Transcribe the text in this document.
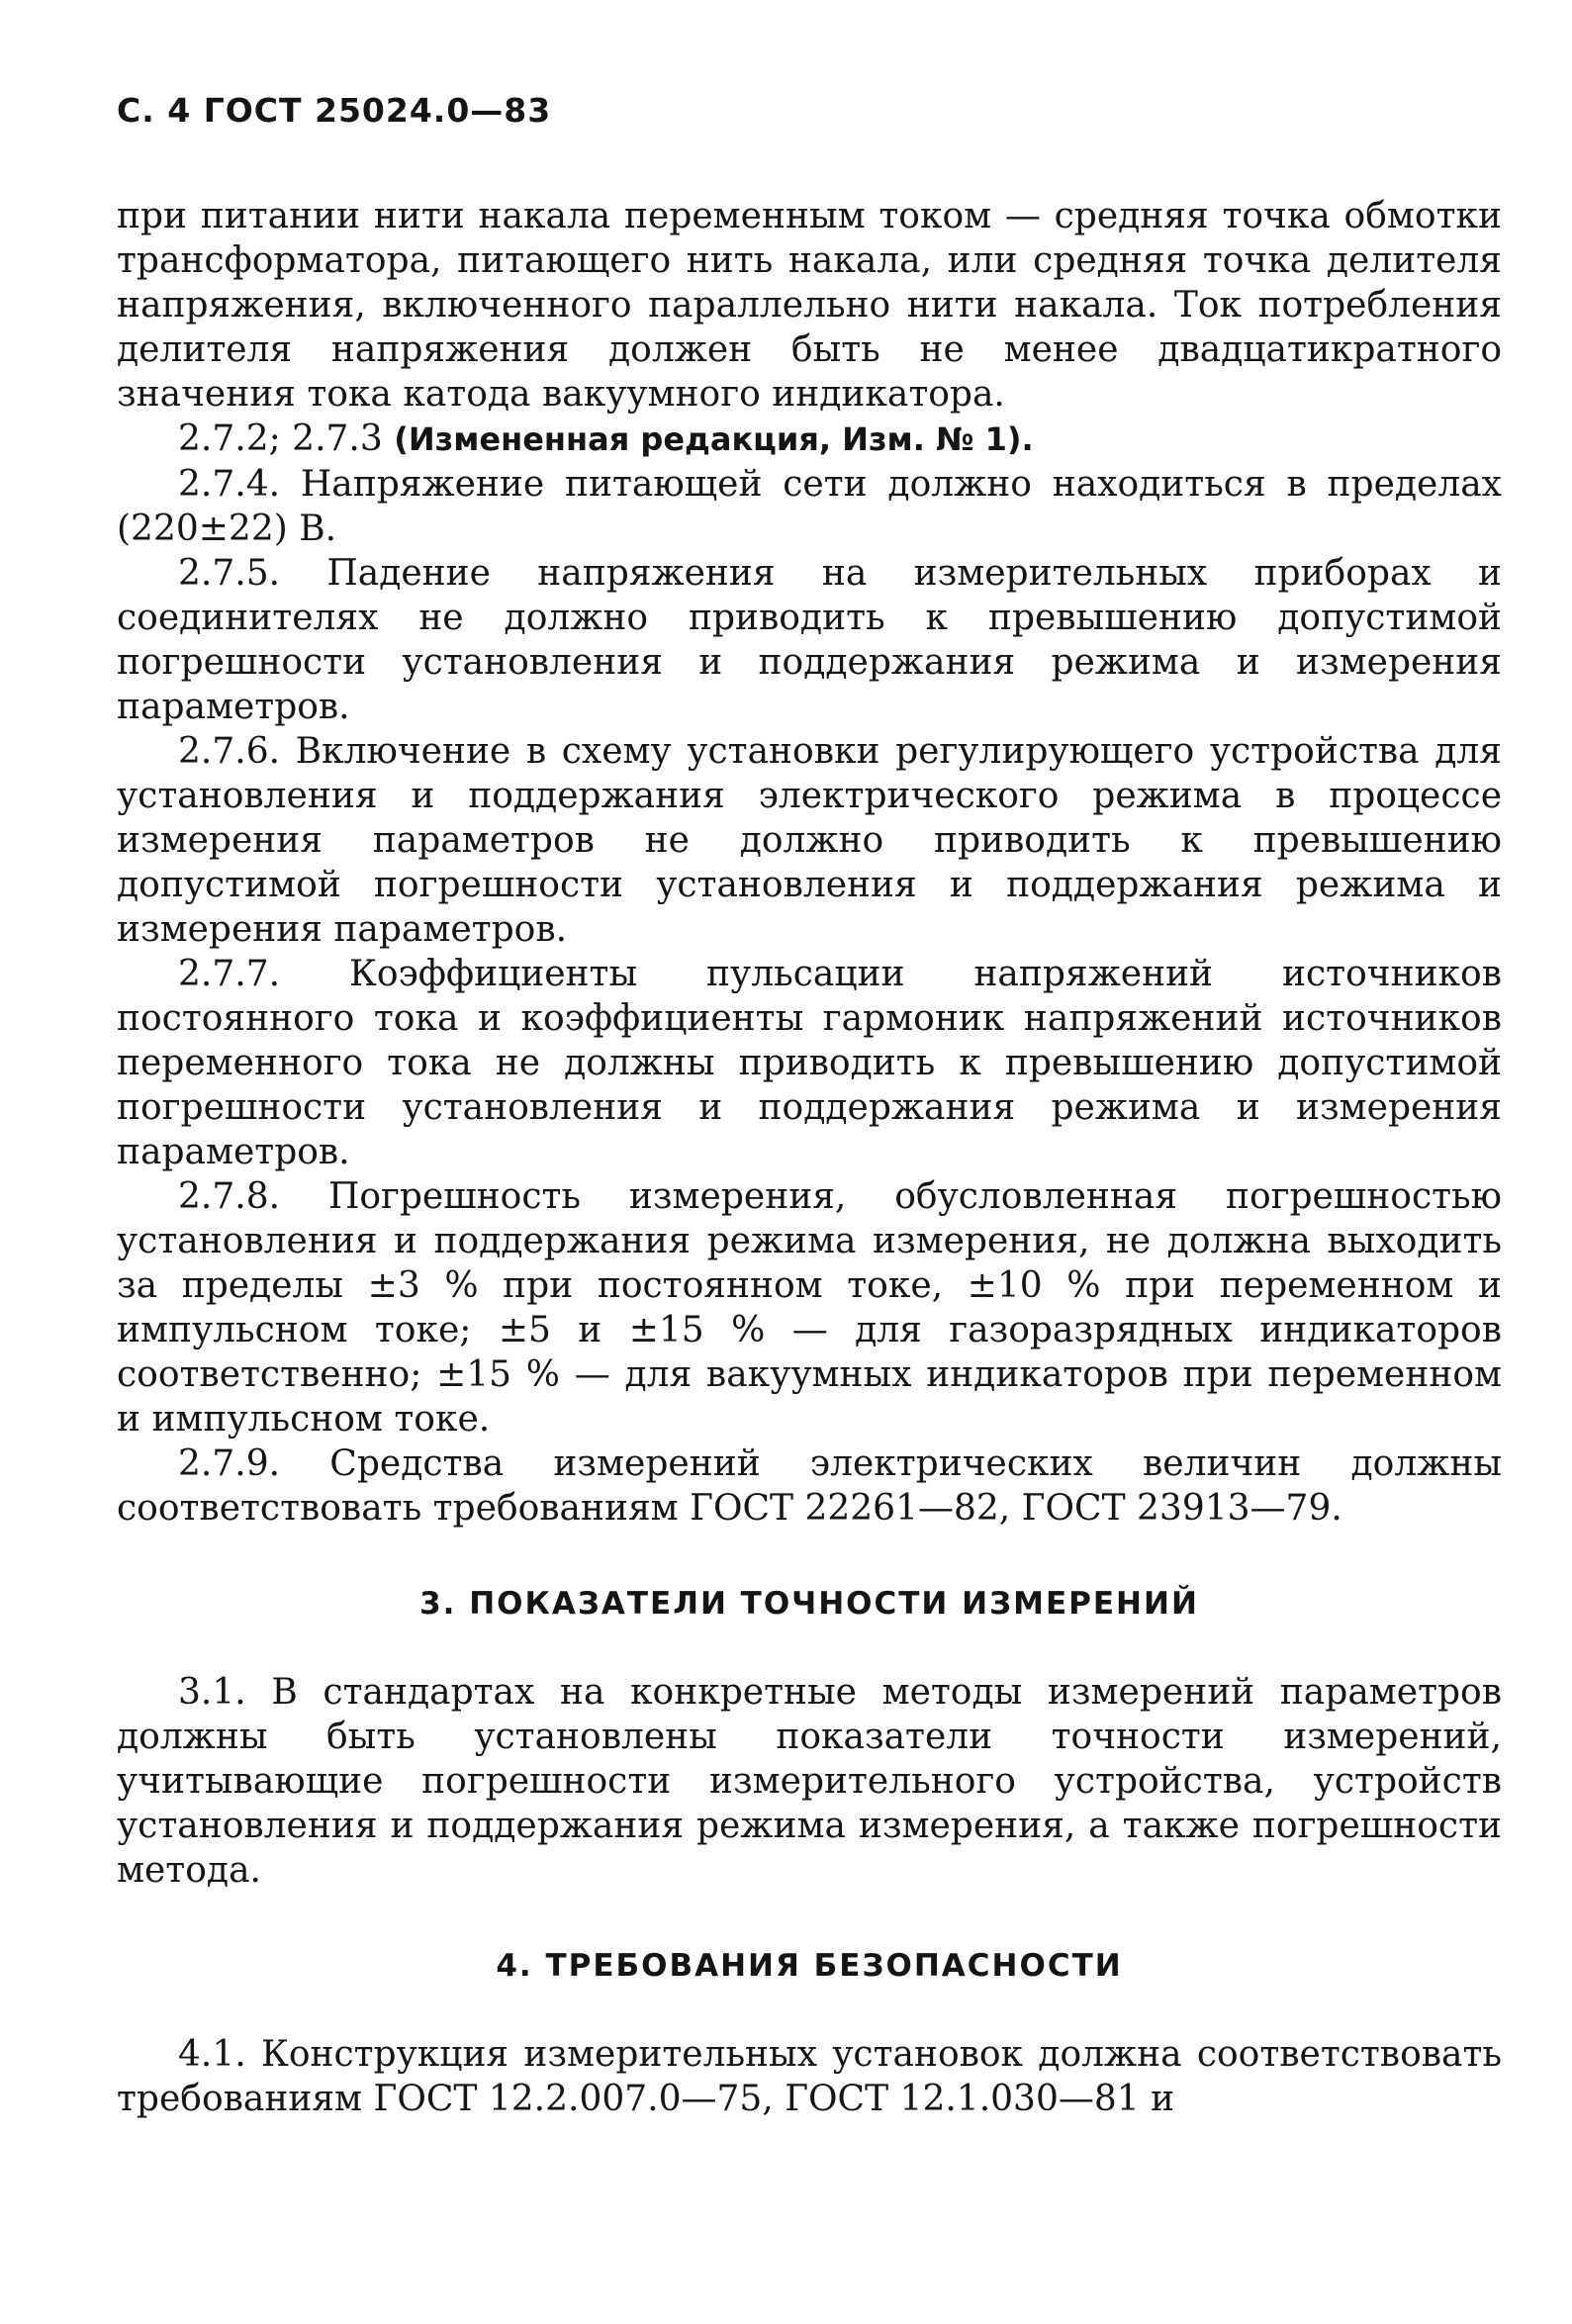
С. 4 ГОСТ 25024.0—83

при питании нити накала переменным током — средняя точка обмотки трансформатора, питающего нить накала, или средняя точка делителя напряжения, включенного параллельно нити накала. Ток потребления делителя напряжения должен быть не менее двадцатикратного значения тока катода вакуумного индикатора.

2.7.2; 2.7.3 (Измененная редакция, Изм. № 1).

2.7.4. Напряжение питающей сети должно находиться в пределах (220±22) В.

2.7.5. Падение напряжения на измерительных приборах и соединителях не должно приводить к превышению допустимой погрешности установления и поддержания режима и измерения параметров.

2.7.6. Включение в схему установки регулирующего устройства для установления и поддержания электрического режима в процессе измерения параметров не должно приводить к превышению допустимой погрешности установления и поддержания режима и измерения параметров.

2.7.7. Коэффициенты пульсации напряжений источников постоянного тока и коэффициенты гармоник напряжений источников переменного тока не должны приводить к превышению допустимой погрешности установления и поддержания режима и измерения параметров.

2.7.8. Погрешность измерения, обусловленная погрешностью установления и поддержания режима измерения, не должна выходить за пределы ±3 % при постоянном токе, ±10 % при переменном и импульсном токе; ±5 и ±15 % — для газоразрядных индикаторов соответственно; ±15 % — для вакуумных индикаторов при переменном и импульсном токе.

2.7.9. Средства измерений электрических величин должны соответствовать требованиям ГОСТ 22261—82, ГОСТ 23913—79.

3. ПОКАЗАТЕЛИ ТОЧНОСТИ ИЗМЕРЕНИЙ

3.1. В стандартах на конкретные методы измерений параметров должны быть установлены показатели точности измерений, учитывающие погрешности измерительного устройства, устройств установления и поддержания режима измерения, а также погрешности метода.

4. ТРЕБОВАНИЯ БЕЗОПАСНОСТИ

4.1. Конструкция измерительных установок должна соответствовать требованиям ГОСТ 12.2.007.0—75, ГОСТ 12.1.030—81 и
